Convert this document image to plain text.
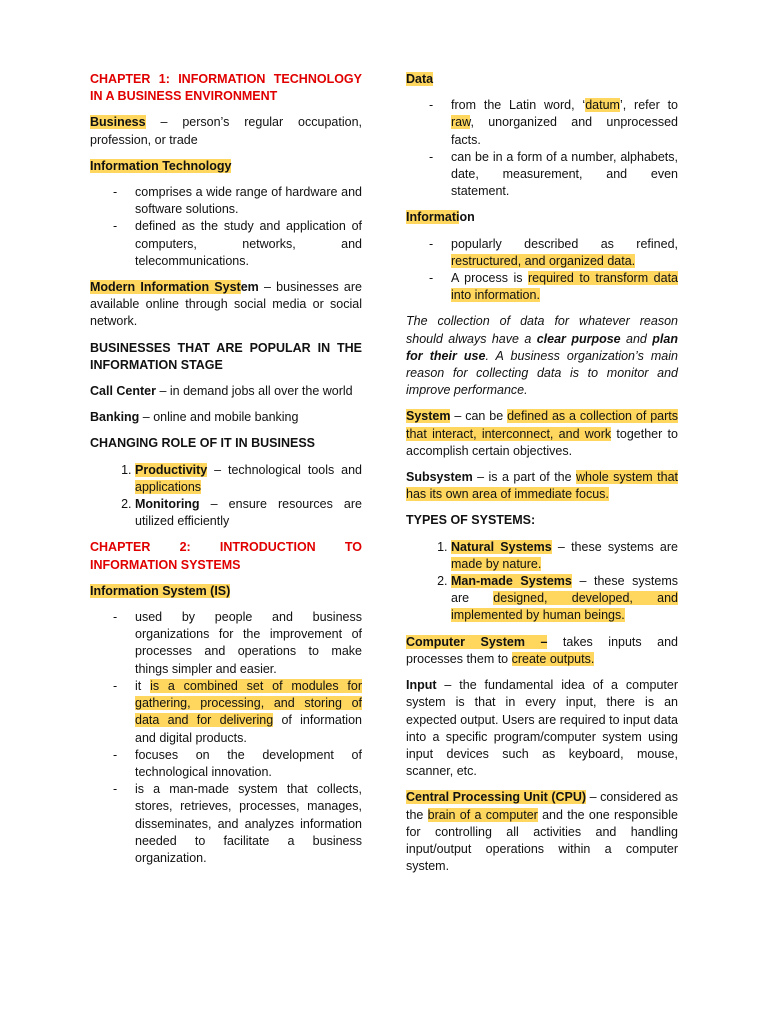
CHAPTER 1: INFORMATION TECHNOLOGY IN A BUSINESS ENVIRONMENT

Business – person’s regular occupation, profession, or trade

Information Technology

- comprises a wide range of hardware and software solutions.
- defined as the study and application of computers, networks, and telecommunications.

Modern Information System – businesses are available online through social media or social network.

BUSINESSES THAT ARE POPULAR IN THE INFORMATION STAGE

Call Center – in demand jobs all over the world

Banking – online and mobile banking

CHANGING ROLE OF IT IN BUSINESS

1. Productivity – technological tools and applications
2. Monitoring – ensure resources are utilized efficiently

CHAPTER 2: INTRODUCTION TO INFORMATION SYSTEMS

Information System (IS)

- used by people and business organizations for the improvement of processes and operations to make things simpler and easier.
- it is a combined set of modules for gathering, processing, and storing of data and for delivering of information and digital products.
- focuses on the development of technological innovation.
- is a man-made system that collects, stores, retrieves, processes, manages, disseminates, and analyzes information needed to facilitate a business organization.

Data

- from the Latin word, ‘datum’, refer to raw, unorganized and unprocessed facts.
- can be in a form of a number, alphabets, date, measurement, and even statement.

Information

- popularly described as refined, restructured, and organized data.
- A process is required to transform data into information.

The collection of data for whatever reason should always have a clear purpose and plan for their use. A business organization’s main reason for collecting data is to monitor and improve performance.

System – can be defined as a collection of parts that interact, interconnect, and work together to accomplish certain objectives.

Subsystem – is a part of the whole system that has its own area of immediate focus.

TYPES OF SYSTEMS:

1. Natural Systems – these systems are made by nature.
2. Man-made Systems – these systems are designed, developed, and implemented by human beings.

Computer System – takes inputs and processes them to create outputs.

Input – the fundamental idea of a computer system is that in every input, there is an expected output. Users are required to input data into a specific program/computer system using input devices such as keyboard, mouse, scanner, etc.

Central Processing Unit (CPU) – considered as the brain of a computer and the one responsible for controlling all activities and handling input/output operations within a computer system.
